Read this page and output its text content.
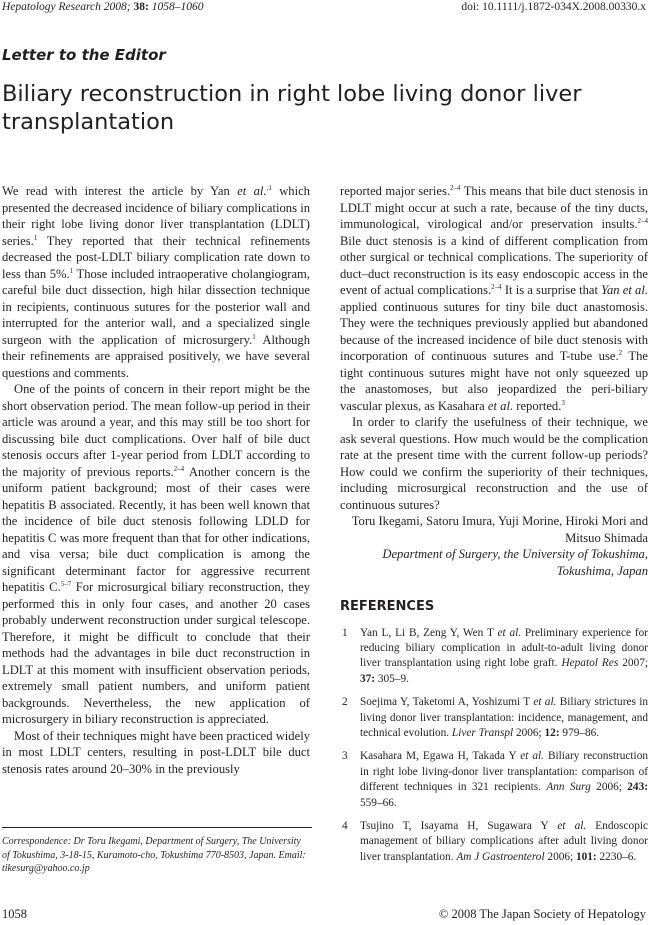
Hepatology Research 2008; 38: 1058–1060	doi: 10.1111/j.1872-034X.2008.00330.x
Letter to the Editor
Biliary reconstruction in right lobe living donor liver transplantation

We read with interest the article by Yan et al.$^{,1}$ which presented the decreased incidence of biliary complications in their right lobe living donor liver transplantation (LDLT) series.$^1$ They reported that their technical refinements decreased the post-LDLT biliary complication rate down to less than 5%.$^1$ Those included intraoperative cholangiogram, careful bile duct dissection, high hilar dissection technique in recipients, continuous sutures for the posterior wall and interrupted for the anterior wall, and a specialized single surgeon with the application of microsurgery.$^1$ Although their refinements are appraised positively, we have several questions and comments.

One of the points of concern in their report might be the short observation period. The mean follow-up period in their article was around a year, and this may still be too short for discussing bile duct complications. Over half of bile duct stenosis occurs after 1-year period from LDLT according to the majority of previous reports.$^{2-4}$ Another concern is the uniform patient background; most of their cases were hepatitis B associated. Recently, it has been well known that the incidence of bile duct stenosis following LDLD for hepatitis C was more frequent than that for other indications, and visa versa; bile duct complication is among the significant determinant factor for aggressive recurrent hepatitis C.$^{5-7}$ For microsurgical biliary reconstruction, they performed this in only four cases, and another 20 cases probably underwent reconstruction under surgical telescope. Therefore, it might be difficult to conclude that their methods had the advantages in bile duct reconstruction in LDLT at this moment with insufficient observation periods, extremely small patient numbers, and uniform patient backgrounds. Nevertheless, the new application of microsurgery in biliary reconstruction is appreciated.

Most of their techniques might have been practiced widely in most LDLT centers, resulting in post-LDLT bile duct stenosis rates around 20–30% in the previously

reported major series.$^{2-4}$ This means that bile duct stenosis in LDLT might occur at such a rate, because of the tiny ducts, immunological, virological and/or preservation insults.$^{2-4}$ Bile duct stenosis is a kind of different complication from other surgical or technical complications. The superiority of duct–duct reconstruction is its easy endoscopic access in the event of actual complications.$^{2-4}$ It is a surprise that Yan et al. applied continuous sutures for tiny bile duct anastomosis. They were the techniques previously applied but abandoned because of the increased incidence of bile duct stenosis with incorporation of continuous sutures and T-tube use.$^2$ The tight continuous sutures might have not only squeezed up the anastomoses, but also jeopardized the peri-biliary vascular plexus, as Kasahara et al. reported.$^3$

In order to clarify the usefulness of their technique, we ask several questions. How much would be the complication rate at the present time with the current follow-up periods? How could we confirm the superiority of their techniques, including microsurgical reconstruction and the use of continuous sutures?

Toru Ikegami, Satoru Imura, Yuji Morine, Hiroki Mori and Mitsuo Shimada

Department of Surgery, the University of Tokushima, Tokushima, Japan

REFERENCES
1 Yan L, Li B, Zeng Y, Wen T et al. Preliminary experience for reducing biliary complication in adult-to-adult living donor liver transplantation using right lobe graft. Hepatol Res 2007; 37: 305–9.
2 Soejima Y, Taketomi A, Yoshizumi T et al. Biliary strictures in living donor liver transplantation: incidence, management, and technical evolution. Liver Transpl 2006; 12: 979–86.
3 Kasahara M, Egawa H, Takada Y et al. Biliary reconstruction in right lobe living-donor liver transplantation: comparison of different techniques in 321 recipients. Ann Surg 2006; 243: 559–66.
4 Tsujino T, Isayama H, Sugawara Y et al. Endoscopic management of biliary complications after adult living donor liver transplantation. Am J Gastroenterol 2006; 101: 2230–6.
Correspondence: Dr Toru Ikegami, Department of Surgery, The University of Tokushima, 3-18-15, Kuramoto-cho, Tokushima 770-8503, Japan. Email: tikesurg@yahoo.co.jp
1058	© 2008 The Japan Society of Hepatology
